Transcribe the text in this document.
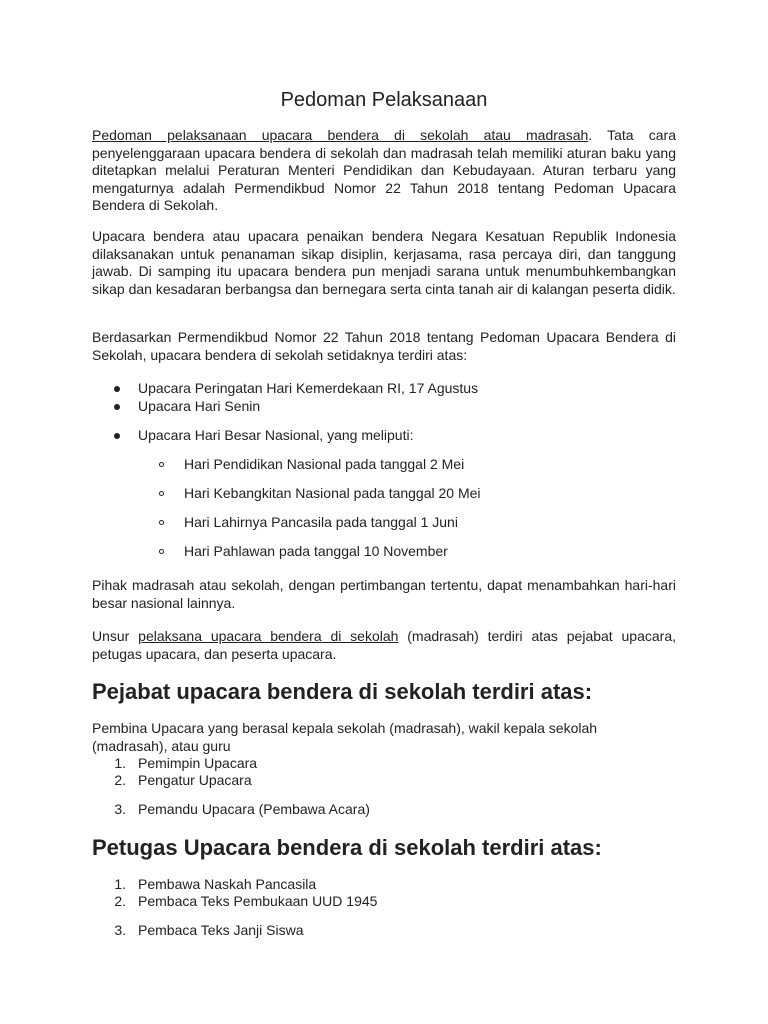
Pedoman Pelaksanaan
Pedoman pelaksanaan upacara bendera di sekolah atau madrasah. Tata cara penyelenggaraan upacara bendera di sekolah dan madrasah telah memiliki aturan baku yang ditetapkan melalui Peraturan Menteri Pendidikan dan Kebudayaan. Aturan terbaru yang mengaturnya adalah Permendikbud Nomor 22 Tahun 2018 tentang Pedoman Upacara Bendera di Sekolah.
Upacara bendera atau upacara penaikan bendera Negara Kesatuan Republik Indonesia dilaksanakan untuk penanaman sikap disiplin, kerjasama, rasa percaya diri, dan tanggung jawab. Di samping itu upacara bendera pun menjadi sarana untuk menumbuhkembangkan sikap dan kesadaran berbangsa dan bernegara serta cinta tanah air di kalangan peserta didik.
Berdasarkan Permendikbud Nomor 22 Tahun 2018 tentang Pedoman Upacara Bendera di Sekolah, upacara bendera di sekolah setidaknya terdiri atas:
Upacara Peringatan Hari Kemerdekaan RI, 17 Agustus
Upacara Hari Senin
Upacara Hari Besar Nasional, yang meliputi:
Hari Pendidikan Nasional pada tanggal 2 Mei
Hari Kebangkitan Nasional pada tanggal 20 Mei
Hari Lahirnya Pancasila pada tanggal 1 Juni
Hari Pahlawan pada tanggal 10 November
Pihak madrasah atau sekolah, dengan pertimbangan tertentu, dapat menambahkan hari-hari besar nasional lainnya.
Unsur pelaksana upacara bendera di sekolah (madrasah) terdiri atas pejabat upacara, petugas upacara, dan peserta upacara.
Pejabat upacara bendera di sekolah terdiri atas:
Pembina Upacara yang berasal kepala sekolah (madrasah), wakil kepala sekolah (madrasah), atau guru
1. Pemimpin Upacara
2. Pengatur Upacara
3. Pemandu Upacara (Pembawa Acara)
Petugas Upacara bendera di sekolah terdiri atas:
1. Pembawa Naskah Pancasila
2. Pembaca Teks Pembukaan UUD 1945
3. Pembaca Teks Janji Siswa
